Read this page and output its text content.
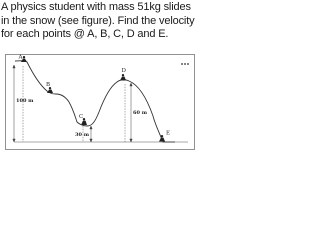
A physics student with mass 51kg slides in the snow (see figure). Find the velocity for each points @ A, B, C, D and E.
A
B
C
D
E
100 m
60 m
30 m
